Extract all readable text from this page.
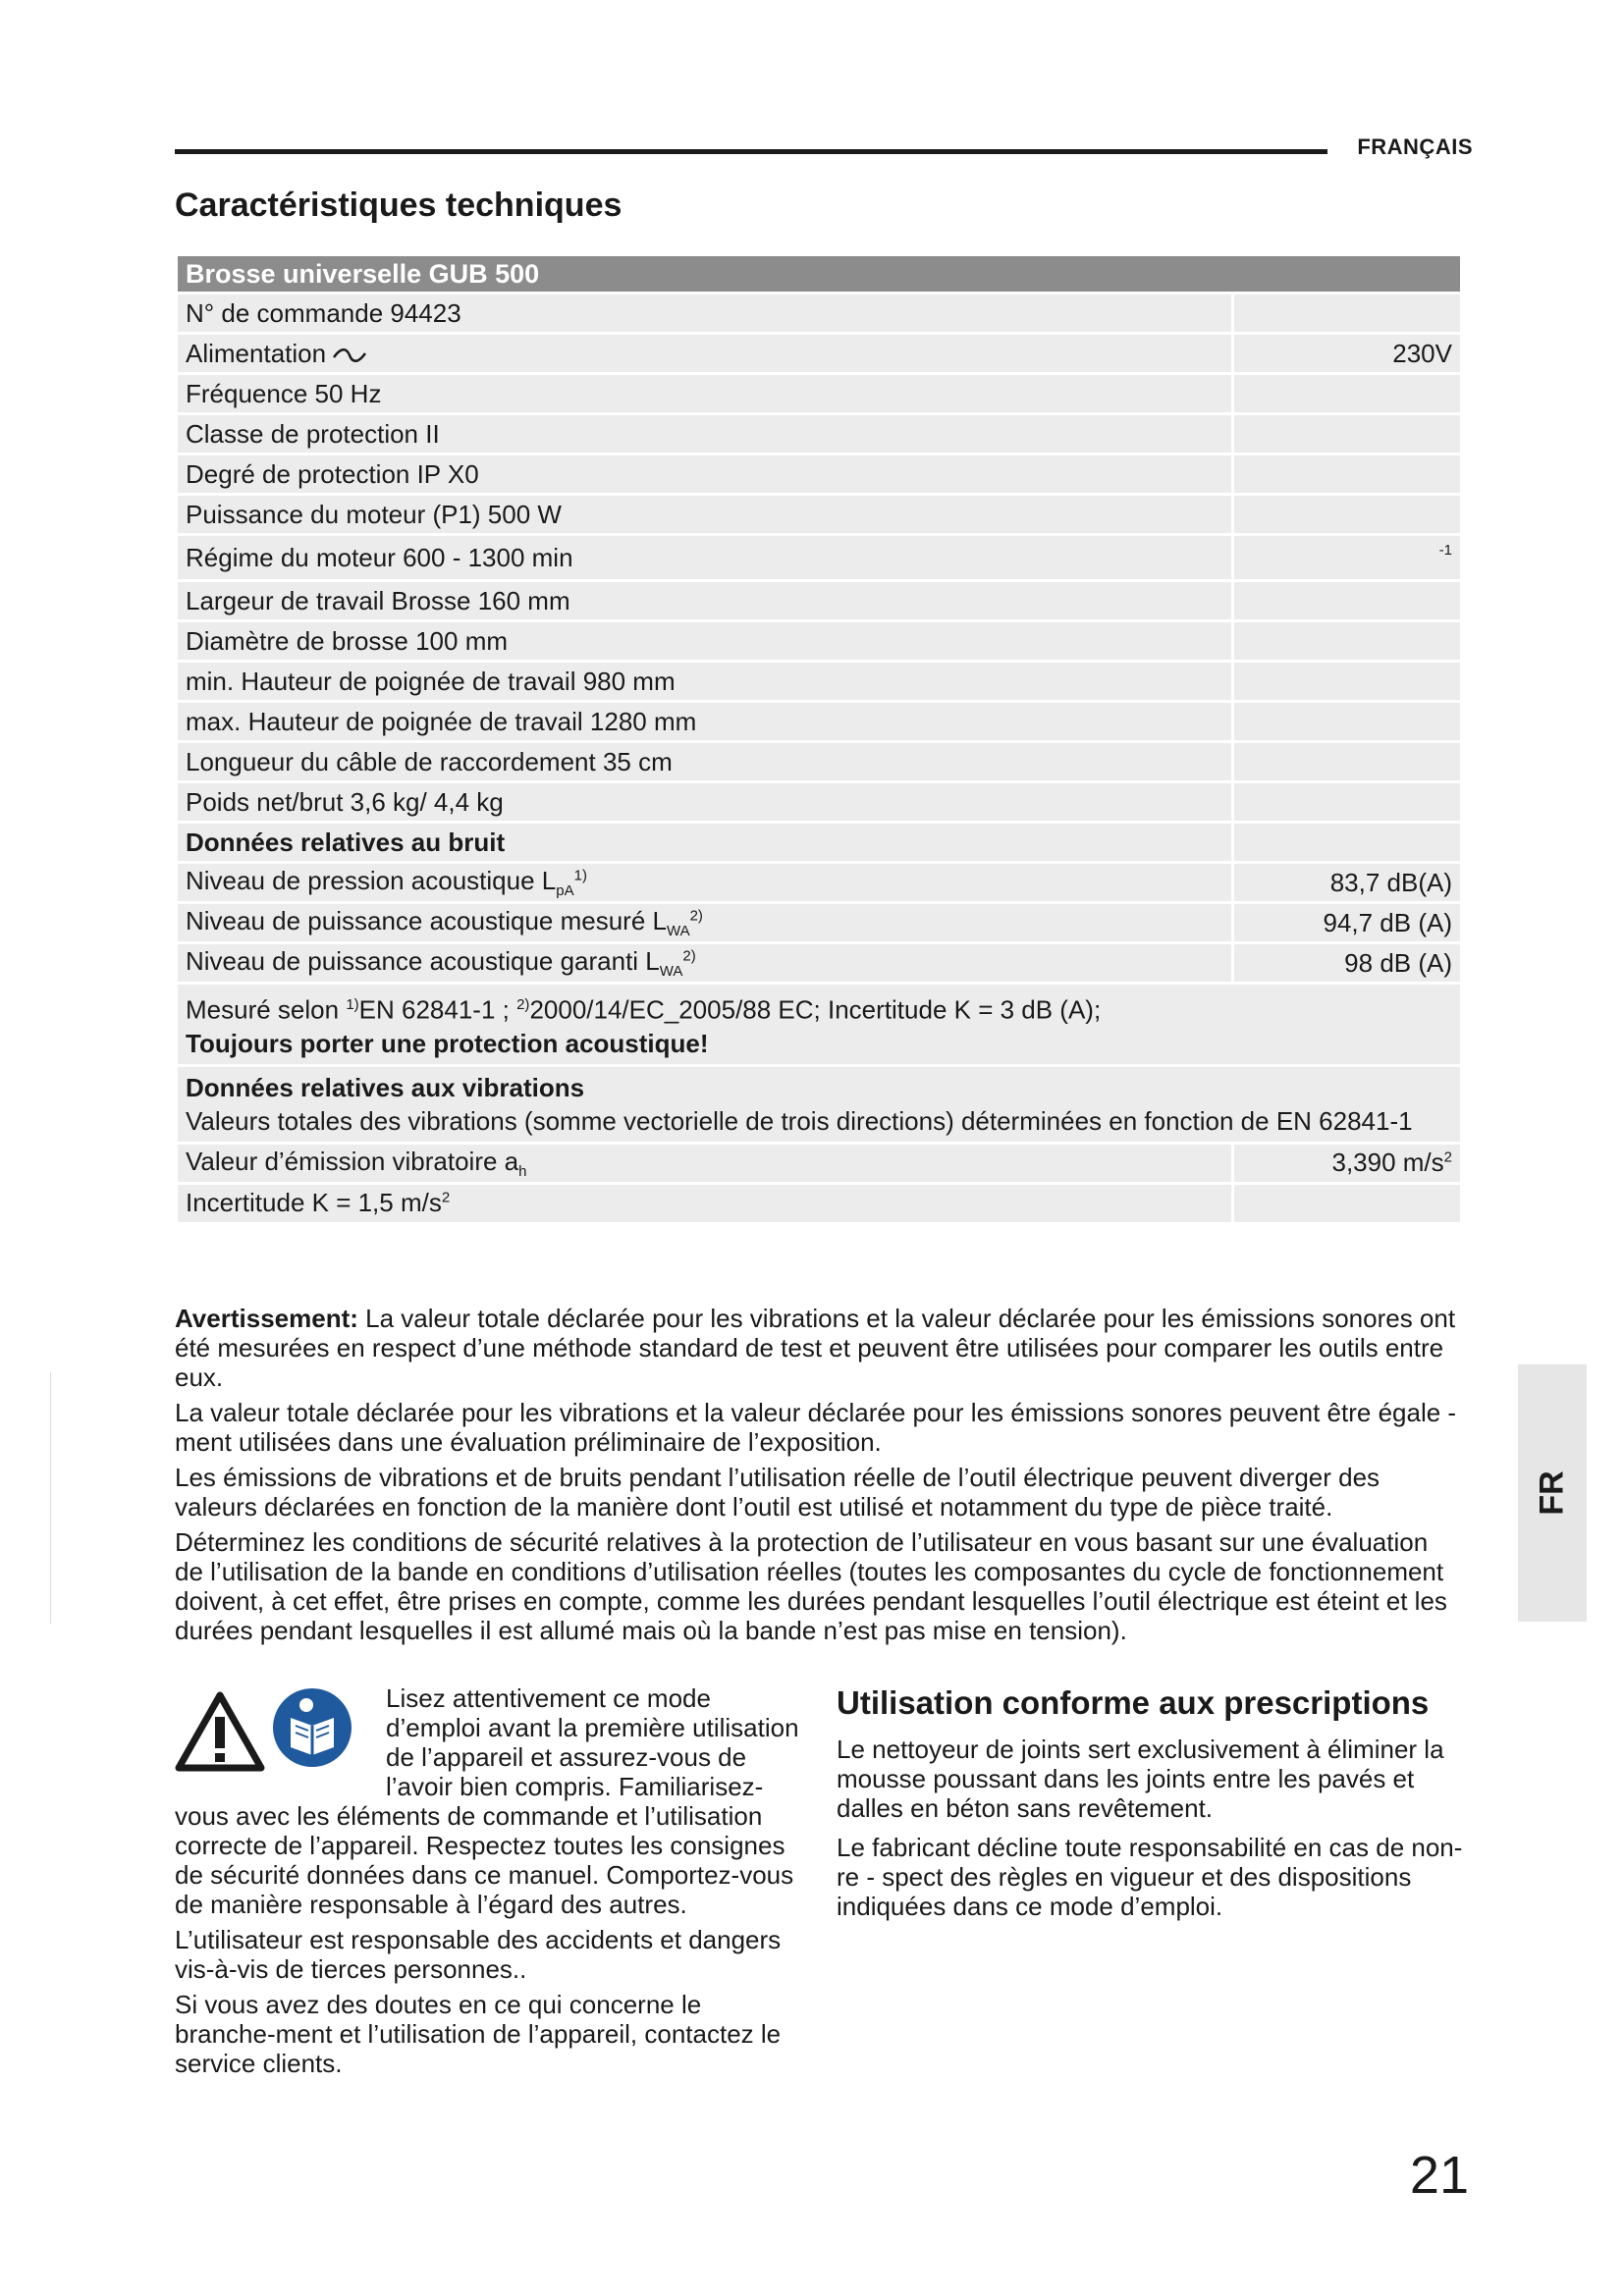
FRANÇAIS
Caractéristiques techniques
Brosse universelle GUB 500	
N° de commande 94423	
Alimentation	230V
Fréquence 50 Hz	
Classe de protection II	
Degré de protection IP X0	
Puissance du moteur (P1) 500 W	
Régime du moteur 600 - 1300 min	-1
Largeur de travail Brosse 160 mm	
Diamètre de brosse 100 mm	
min. Hauteur de poignée de travail 980 mm	
max. Hauteur de poignée de travail 1280 mm	
Longueur du câble de raccordement 35 cm	
Poids net/brut 3,6 kg/ 4,4 kg	
Données relatives au bruit	
Niveau de pression acoustique $L_{pA}^{1)}$	83,7 dB(A)
Niveau de puissance acoustique mesuré $L_{WA}^{2)}$	94,7 dB (A)
Niveau de puissance acoustique garanti $L_{WA}^{2)}$	98 dB (A)
Mesuré selon $^{1)}$EN 62841-1 ; $^{2)}$2000/14/EC_2005/88 EC; Incertitude K = 3 dB (A);
Toujours porter une protection acoustique!	
Données relatives aux vibrations
Valeurs totales des vibrations (somme vectorielle de trois directions) déterminées en fonction de EN 62841-1	
Valeur d’émission vibratoire $a_h$	3,390 $m/s^2$
Incertitude K = 1,5 $m/s^2$	

Avertissement: La valeur totale déclarée pour les vibrations et la valeur déclarée pour les émissions sonores ont été mesurées en respect d’une méthode standard de test et peuvent être utilisées pour comparer les outils entre eux.

La valeur totale déclarée pour les vibrations et la valeur déclarée pour les émissions sonores peuvent être égale - ment utilisées dans une évaluation préliminaire de l’exposition.

Les émissions de vibrations et de bruits pendant l’utilisation réelle de l’outil électrique peuvent diverger des valeurs déclarées en fonction de la manière dont l’outil est utilisé et notamment du type de pièce traité.

Déterminez les conditions de sécurité relatives à la protection de l’utilisateur en vous basant sur une évaluation de l’utilisation de la bande en conditions d’utilisation réelles (toutes les composantes du cycle de fonctionnement doivent, à cet effet, être prises en compte, comme les durées pendant lesquelles l’outil électrique est éteint et les durées pendant lesquelles il est allumé mais où la bande n’est pas mise en tension).

FR

Lisez attentivement ce mode d’emploi avant la première utilisation de l’appareil et assurez-vous de l’avoir bien compris. Familiarisez-vous avec les éléments de commande et l’utilisation correcte de l’appareil. Respectez toutes les consignes de sécurité données dans ce manuel. Comportez-vous de manière responsable à l’égard des autres.

L’utilisateur est responsable des accidents et dangers vis-à-vis de tierces personnes..

Si vous avez des doutes en ce qui concerne le branche-ment et l’utilisation de l’appareil, contactez le service clients.

Utilisation conforme aux prescriptions

Le nettoyeur de joints sert exclusivement à éliminer la mousse poussant dans les joints entre les pavés et dalles en béton sans revêtement.

Le fabricant décline toute responsabilité en cas de non-re - spect des règles en vigueur et des dispositions indiquées dans ce mode d’emploi.

21
